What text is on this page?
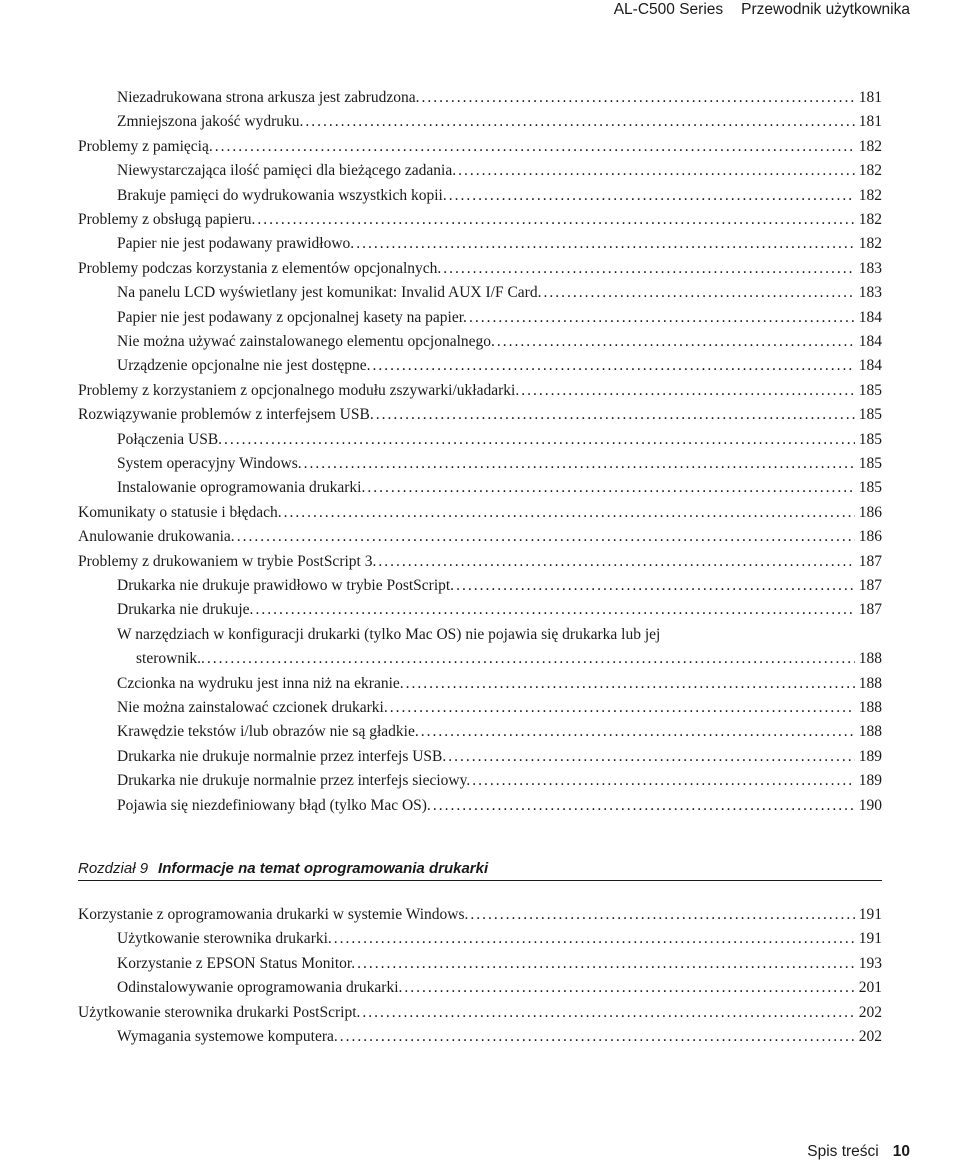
AL-C500 Series Przewodnik użytkownika
Niezadrukowana strona arkusza jest zabrudzona. .....	181
Zmniejszona jakość wydruku. .....	181
Problemy z pamięcią. .....	182
Niewystarczająca ilość pamięci dla bieżącego zadania. .....	182
Brakuje pamięci do wydrukowania wszystkich kopii. .....	182
Problemy z obsługą papieru. .....	182
Papier nie jest podawany prawidłowo. .....	182
Problemy podczas korzystania z elementów opcjonalnych. .....	183
Na panelu LCD wyświetlany jest komunikat: Invalid AUX I/F Card. .....	183
Papier nie jest podawany z opcjonalnej kasety na papier. .....	184
Nie można używać zainstalowanego elementu opcjonalnego. .....	184
Urządzenie opcjonalne nie jest dostępne. .....	184
Problemy z korzystaniem z opcjonalnego modułu zszywarki/układarki. .....	185
Rozwiązywanie problemów z interfejsem USB. .....	185
Połączenia USB. .....	185
System operacyjny Windows. .....	185
Instalowanie oprogramowania drukarki. .....	185
Komunikaty o statusie i błędach. .....	186
Anulowanie drukowania. .....	186
Problemy z drukowaniem w trybie PostScript 3. .....	187
Drukarka nie drukuje prawidłowo w trybie PostScript. .....	187
Drukarka nie drukuje. .....	187
W narzędziach w konfiguracji drukarki (tylko Mac OS) nie pojawia się drukarka lub jej
sterownik.. .....	188
Czcionka na wydruku jest inna niż na ekranie. .....	188
Nie można zainstalować czcionek drukarki. .....	188
Krawędzie tekstów i/lub obrazów nie są gładkie. .....	188
Drukarka nie drukuje normalnie przez interfejs USB. .....	189
Drukarka nie drukuje normalnie przez interfejs sieciowy. .....	189
Pojawia się niezdefiniowany błąd (tylko Mac OS). .....	190
Korzystanie z oprogramowania drukarki w systemie Windows. .....	191
Użytkowanie sterownika drukarki. .....	191
Korzystanie z EPSON Status Monitor. .....	193
Odinstalowywanie oprogramowania drukarki. .....	201
Użytkowanie sterownika drukarki PostScript. .....	202
Wymagania systemowe komputera. .....	202
Rozdział 9 Informacje na temat oprogramowania drukarki
Spis treści 10
